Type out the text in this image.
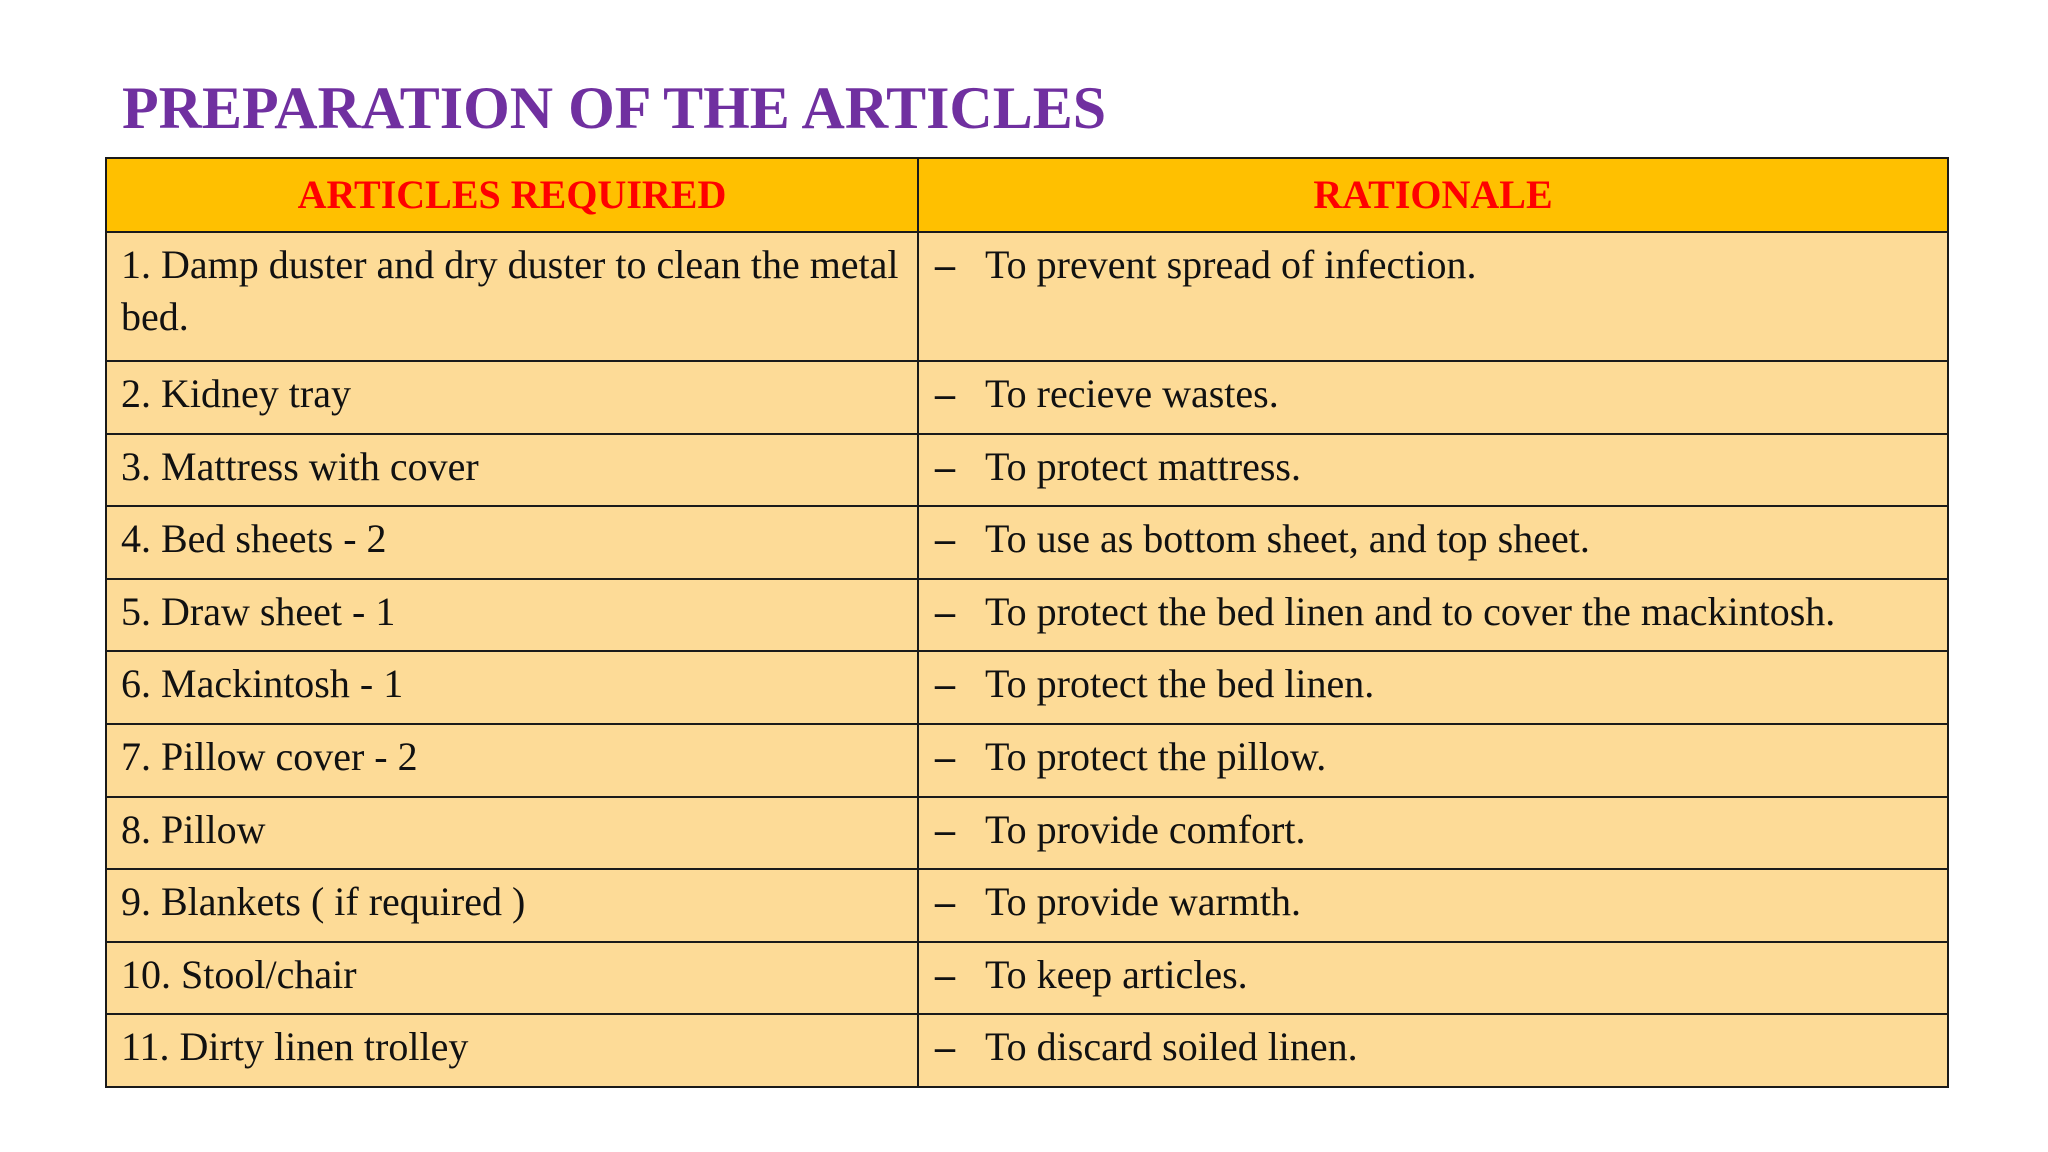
PREPARATION OF THE ARTICLES
ARTICLES REQUIRED	RATIONALE
1. Damp duster and dry duster to clean the metal bed.	– To prevent spread of infection.
2. Kidney tray	– To recieve wastes.
3. Mattress with cover	– To protect mattress.
4. Bed sheets - 2	– To use as bottom sheet, and top sheet.
5. Draw sheet - 1	– To protect the bed linen and to cover the mackintosh.
6. Mackintosh - 1	– To protect the bed linen.
7. Pillow cover - 2	– To protect the pillow.
8. Pillow	– To provide comfort.
9. Blankets ( if required )	– To provide warmth.
10. Stool/chair	– To keep articles.
11. Dirty linen trolley	– To discard soiled linen.
